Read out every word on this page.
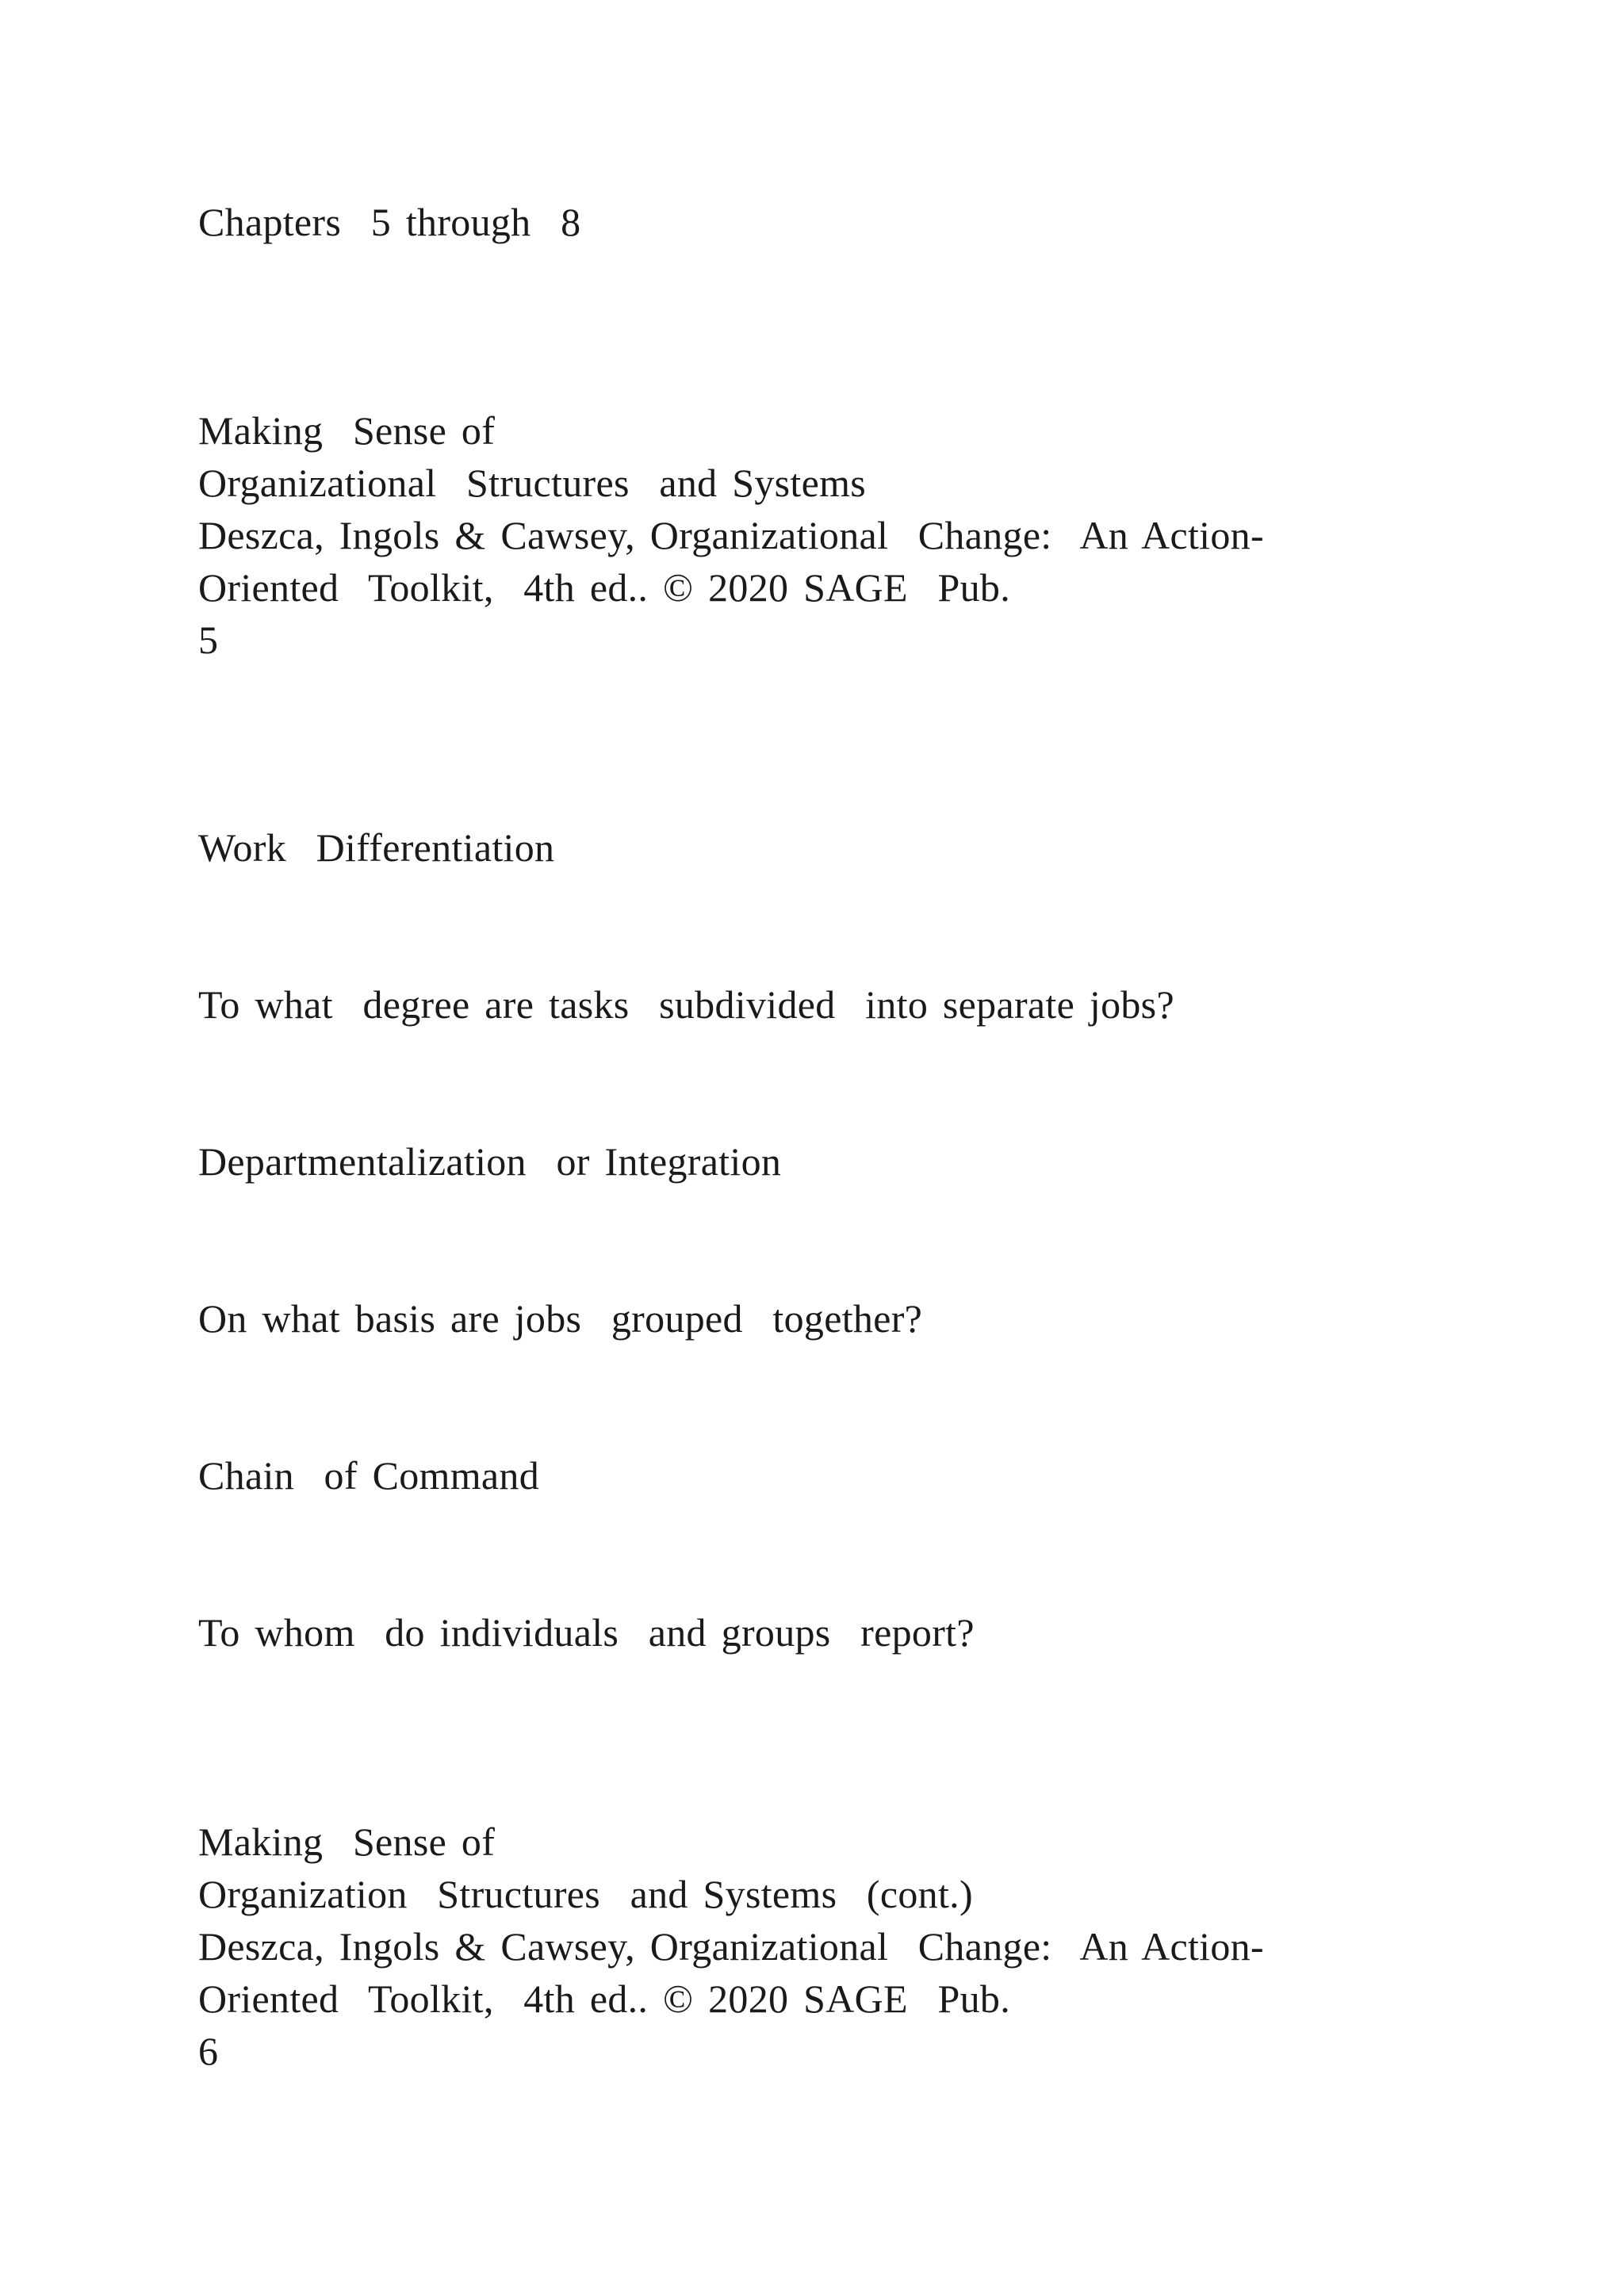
Chapters  5 through  8

Making  Sense of

Organizational  Structures  and Systems

Deszca, Ingols & Cawsey, Organizational  Change:  An Action-

Oriented  Toolkit,  4th ed.. © 2020 SAGE  Pub.

5

Work  Differentiation

To what  degree are tasks  subdivided  into separate jobs?

Departmentalization  or Integration

On what basis are jobs  grouped  together?

Chain  of Command

To whom  do individuals  and groups  report?

Making  Sense of

Organization  Structures  and Systems  (cont.)

Deszca, Ingols & Cawsey, Organizational  Change:  An Action-

Oriented  Toolkit,  4th ed.. © 2020 SAGE  Pub.

6
